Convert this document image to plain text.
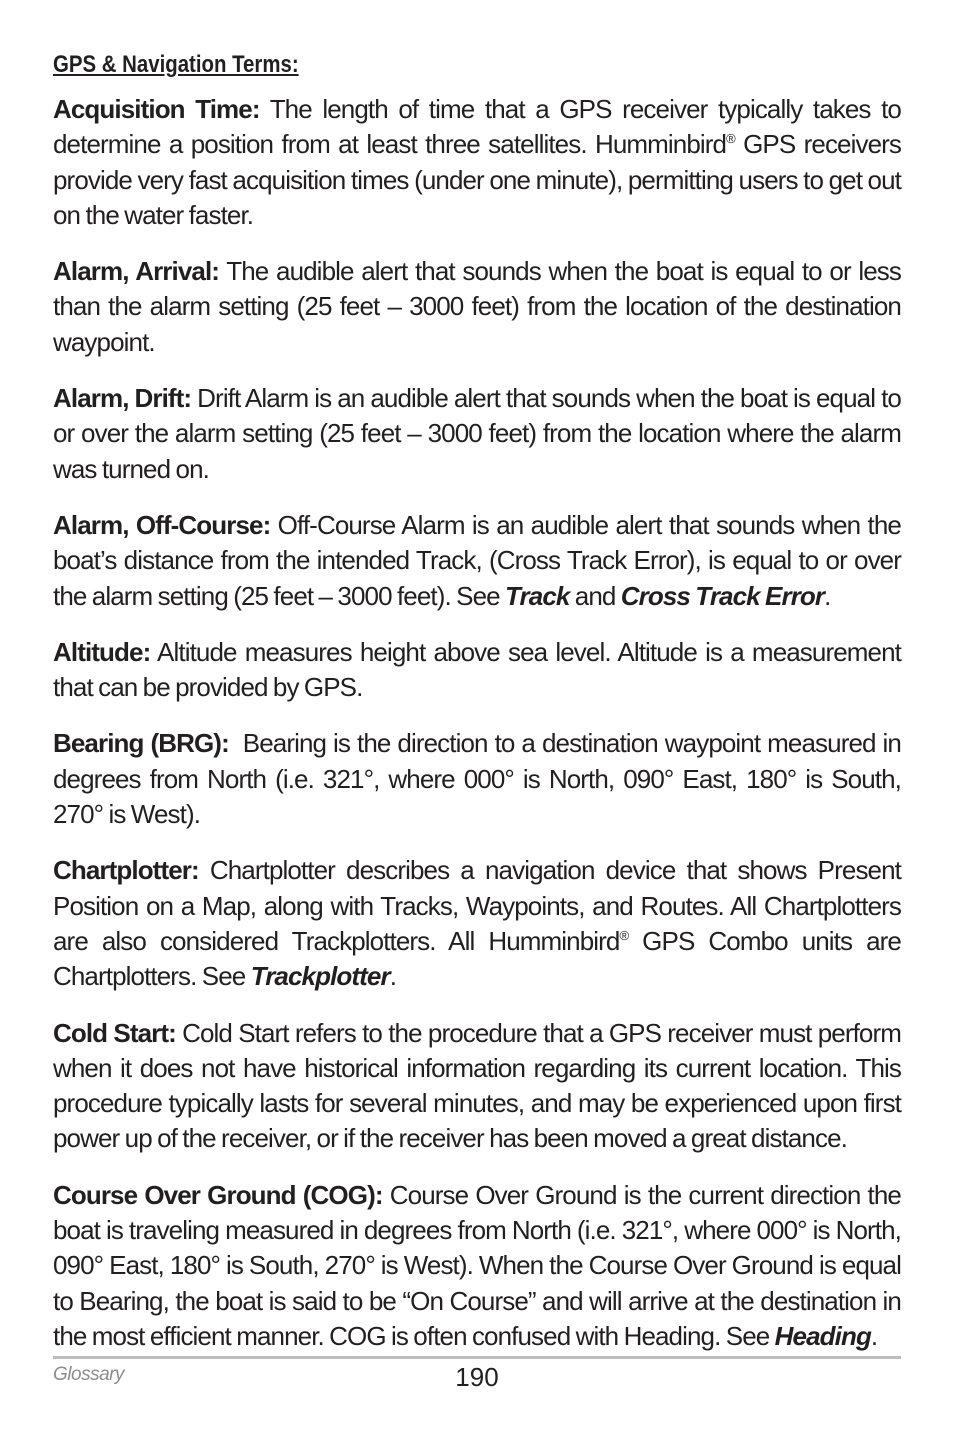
GPS & Navigation Terms:

Acquisition Time: The length of time that a GPS receiver typically takes to determine a position from at least three satellites. Humminbird® GPS receivers provide very fast acquisition times (under one minute), permitting users to get out on the water faster.

Alarm, Arrival: The audible alert that sounds when the boat is equal to or less than the alarm setting (25 feet – 3000 feet) from the location of the destination waypoint.

Alarm, Drift: Drift Alarm is an audible alert that sounds when the boat is equal to or over the alarm setting (25 feet – 3000 feet) from the location where the alarm was turned on.

Alarm, Off-Course: Off-Course Alarm is an audible alert that sounds when the boat’s distance from the intended Track, (Cross Track Error), is equal to or over the alarm setting (25 feet – 3000 feet). See Track and Cross Track Error.

Altitude: Altitude measures height above sea level. Altitude is a measurement that can be provided by GPS.

Bearing (BRG):  Bearing is the direction to a destination waypoint measured in degrees from North (i.e. 321°, where 000° is North, 090° East, 180° is South, 270° is West).

Chartplotter: Chartplotter describes a navigation device that shows Present Position on a Map, along with Tracks, Waypoints, and Routes. All Chartplotters are also considered Trackplotters. All Humminbird® GPS Combo units are Chartplotters. See Trackplotter.

Cold Start: Cold Start refers to the procedure that a GPS receiver must perform when it does not have historical information regarding its current location. This procedure typically lasts for several minutes, and may be experienced upon first power up of the receiver, or if the receiver has been moved a great distance.

Course Over Ground (COG): Course Over Ground is the current direction the boat is traveling measured in degrees from North (i.e. 321°, where 000° is North, 090° East, 180° is South, 270° is West). When the Course Over Ground is equal to Bearing, the boat is said to be “On Course” and will arrive at the destination in the most efficient manner. COG is often confused with Heading. See Heading.

Glossary	190
